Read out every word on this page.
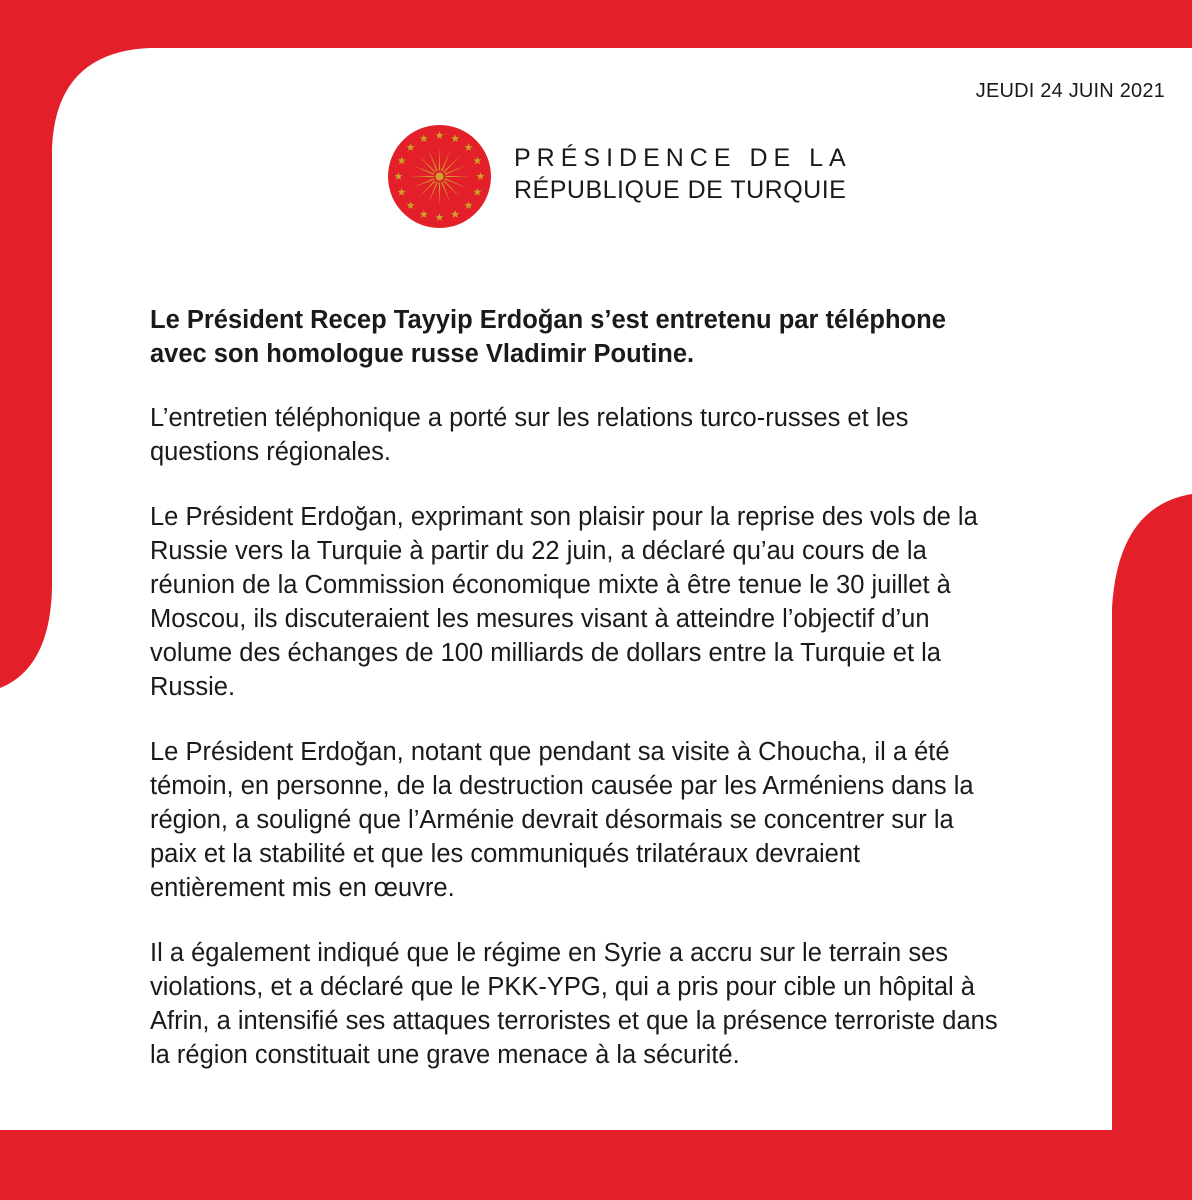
JEUDI 24 JUIN 2021
PRÉSIDENCE DE LA
RÉPUBLIQUE DE TURQUIE

Le Président Recep Tayyip Erdoğan s’est entretenu par téléphone avec son homologue russe Vladimir Poutine.

L’entretien téléphonique a porté sur les relations turco-russes et les questions régionales.

Le Président Erdoğan, exprimant son plaisir pour la reprise des vols de la Russie vers la Turquie à partir du 22 juin, a déclaré qu’au cours de la réunion de la Commission économique mixte à être tenue le 30 juillet à Moscou, ils discuteraient les mesures visant à atteindre l’objectif d’un volume des échanges de 100 milliards de dollars entre la Turquie et la Russie.

Le Président Erdoğan, notant que pendant sa visite à Choucha, il a été témoin, en personne, de la destruction causée par les Arméniens dans la région, a souligné que l’Arménie devrait désormais se concentrer sur la paix et la stabilité et que les communiqués trilatéraux devraient entièrement mis en œuvre.

Il a également indiqué que le régime en Syrie a accru sur le terrain ses violations, et a déclaré que le PKK-YPG, qui a pris pour cible un hôpital à Afrin, a intensifié ses attaques terroristes et que la présence terroriste dans la région constituait une grave menace à la sécurité.
